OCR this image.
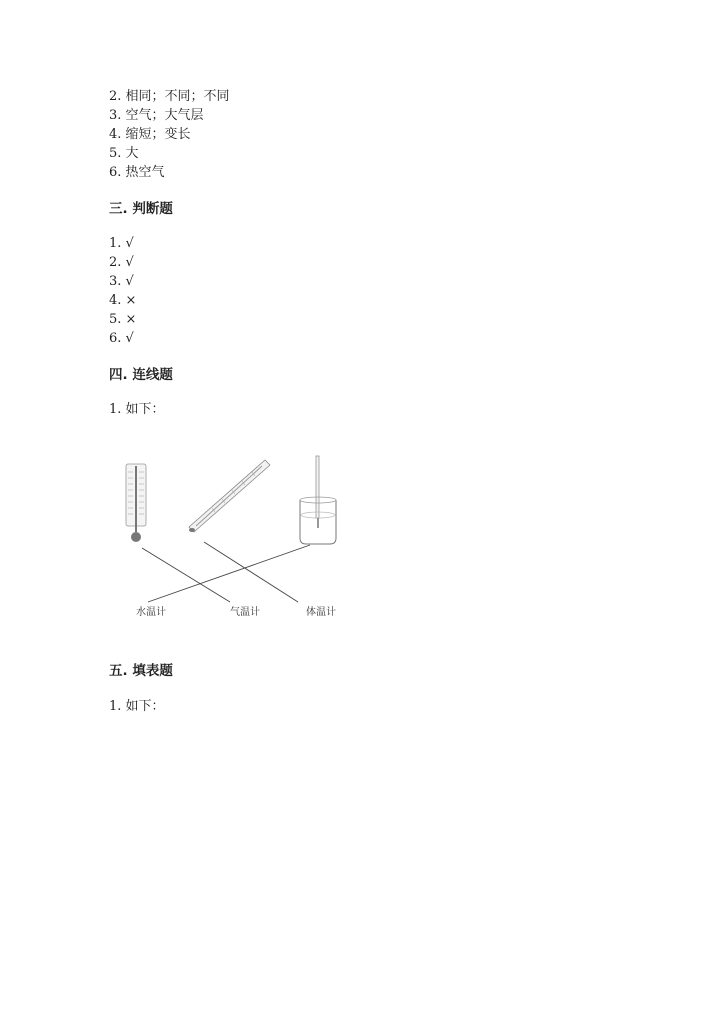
2. 相同；不同；不同
3. 空气；大气层
4. 缩短；变长
5. 大
6. 热空气
三. 判断题
1. √
2. √
3. √
4. ×
5. ×
6. √
四. 连线题
1. 如下：
水温计	气温计	体温计
五. 填表题
1. 如下：
